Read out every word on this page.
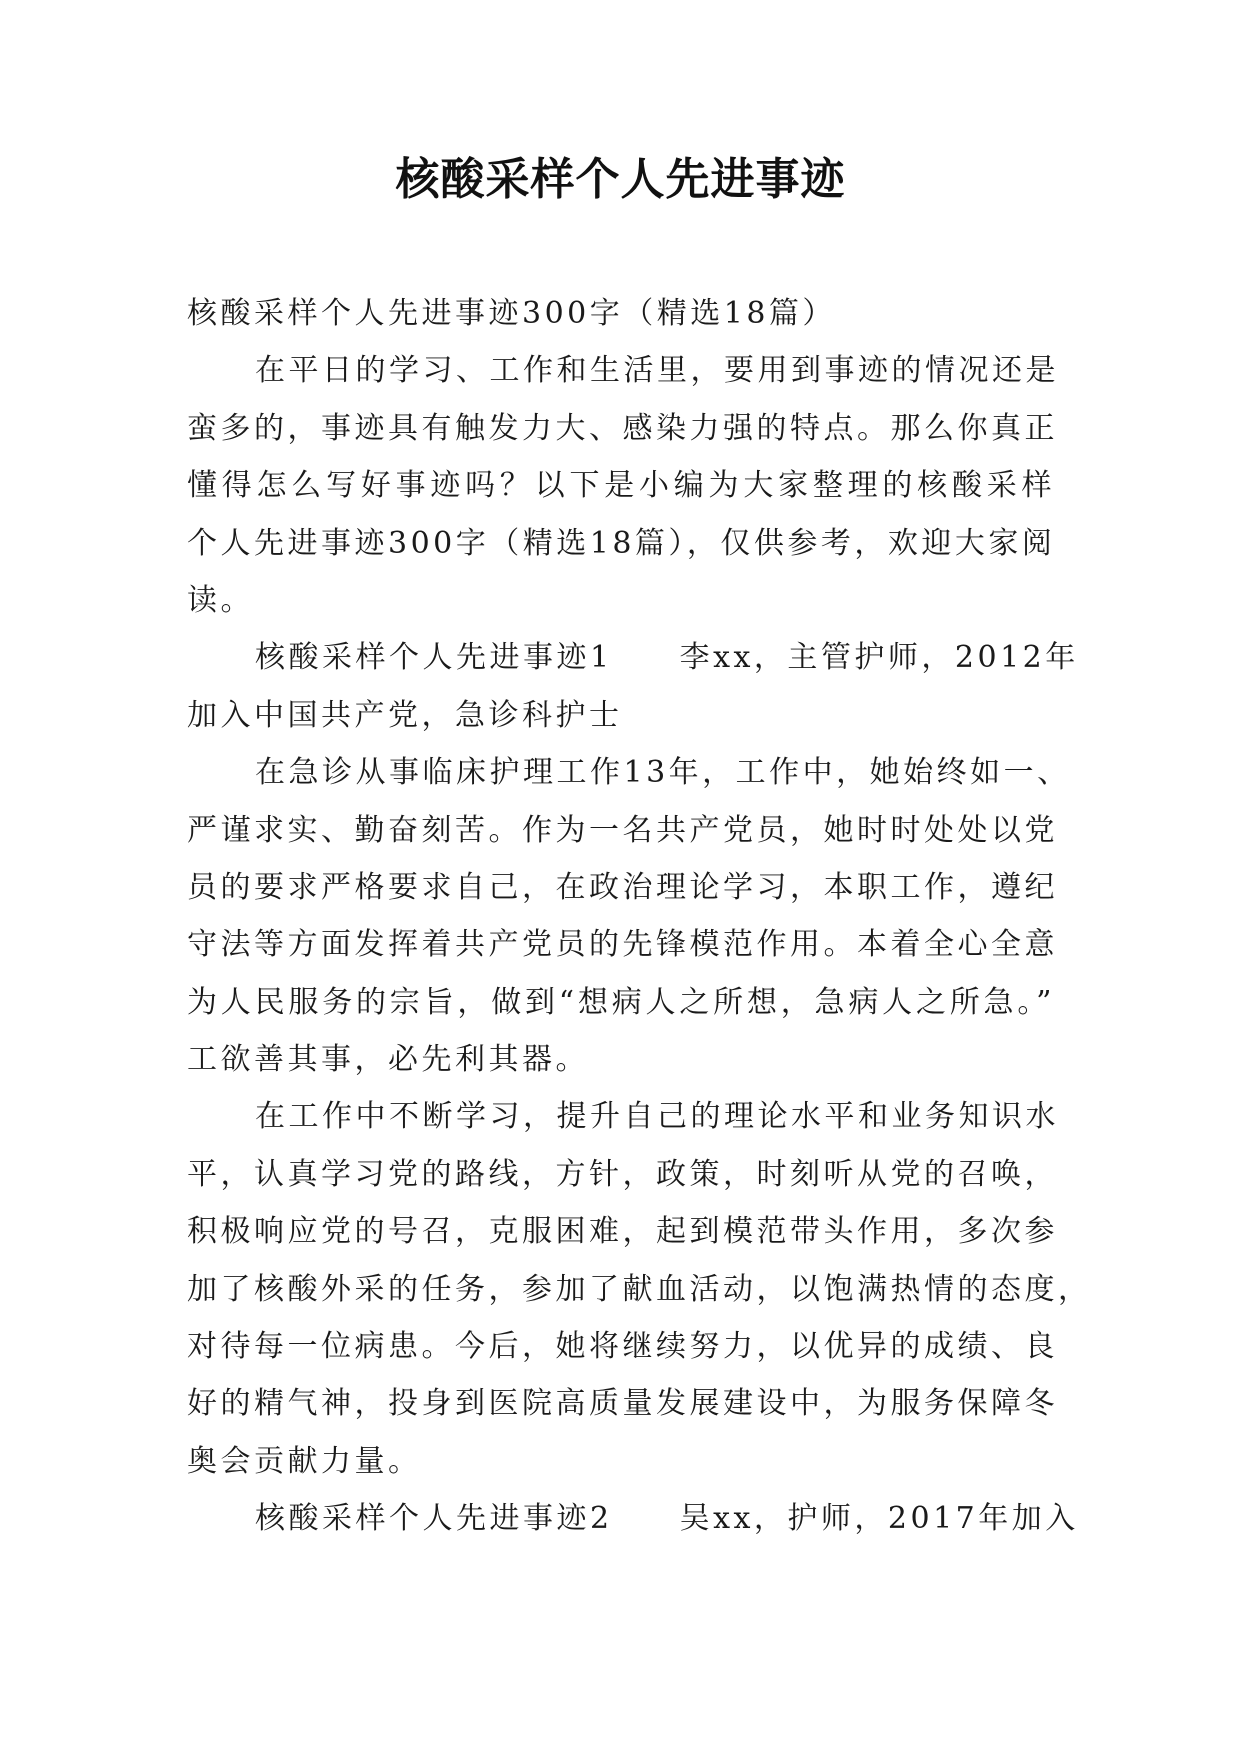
核酸采样个人先进事迹
核酸采样个人先进事迹300字（精选18篇）
在平日的学习、工作和生活里，要用到事迹的情况还是
蛮多的，事迹具有触发力大、感染力强的特点。那么你真正
懂得怎么写好事迹吗？以下是小编为大家整理的核酸采样
个人先进事迹300字（精选18篇），仅供参考，欢迎大家阅
读。
核酸采样个人先进事迹1　　李xx，主管护师，2012年
加入中国共产党，急诊科护士
在急诊从事临床护理工作13年，工作中，她始终如一、
严谨求实、勤奋刻苦。作为一名共产党员，她时时处处以党
员的要求严格要求自己，在政治理论学习，本职工作，遵纪
守法等方面发挥着共产党员的先锋模范作用。本着全心全意
为人民服务的宗旨，做到“想病人之所想，急病人之所急。”
工欲善其事，必先利其器。
在工作中不断学习，提升自己的理论水平和业务知识水
平，认真学习党的路线，方针，政策，时刻听从党的召唤，
积极响应党的号召，克服困难，起到模范带头作用，多次参
加了核酸外采的任务，参加了献血活动，以饱满热情的态度，
对待每一位病患。今后，她将继续努力，以优异的成绩、良
好的精气神，投身到医院高质量发展建设中，为服务保障冬
奥会贡献力量。
核酸采样个人先进事迹2　　吴xx，护师，2017年加入
